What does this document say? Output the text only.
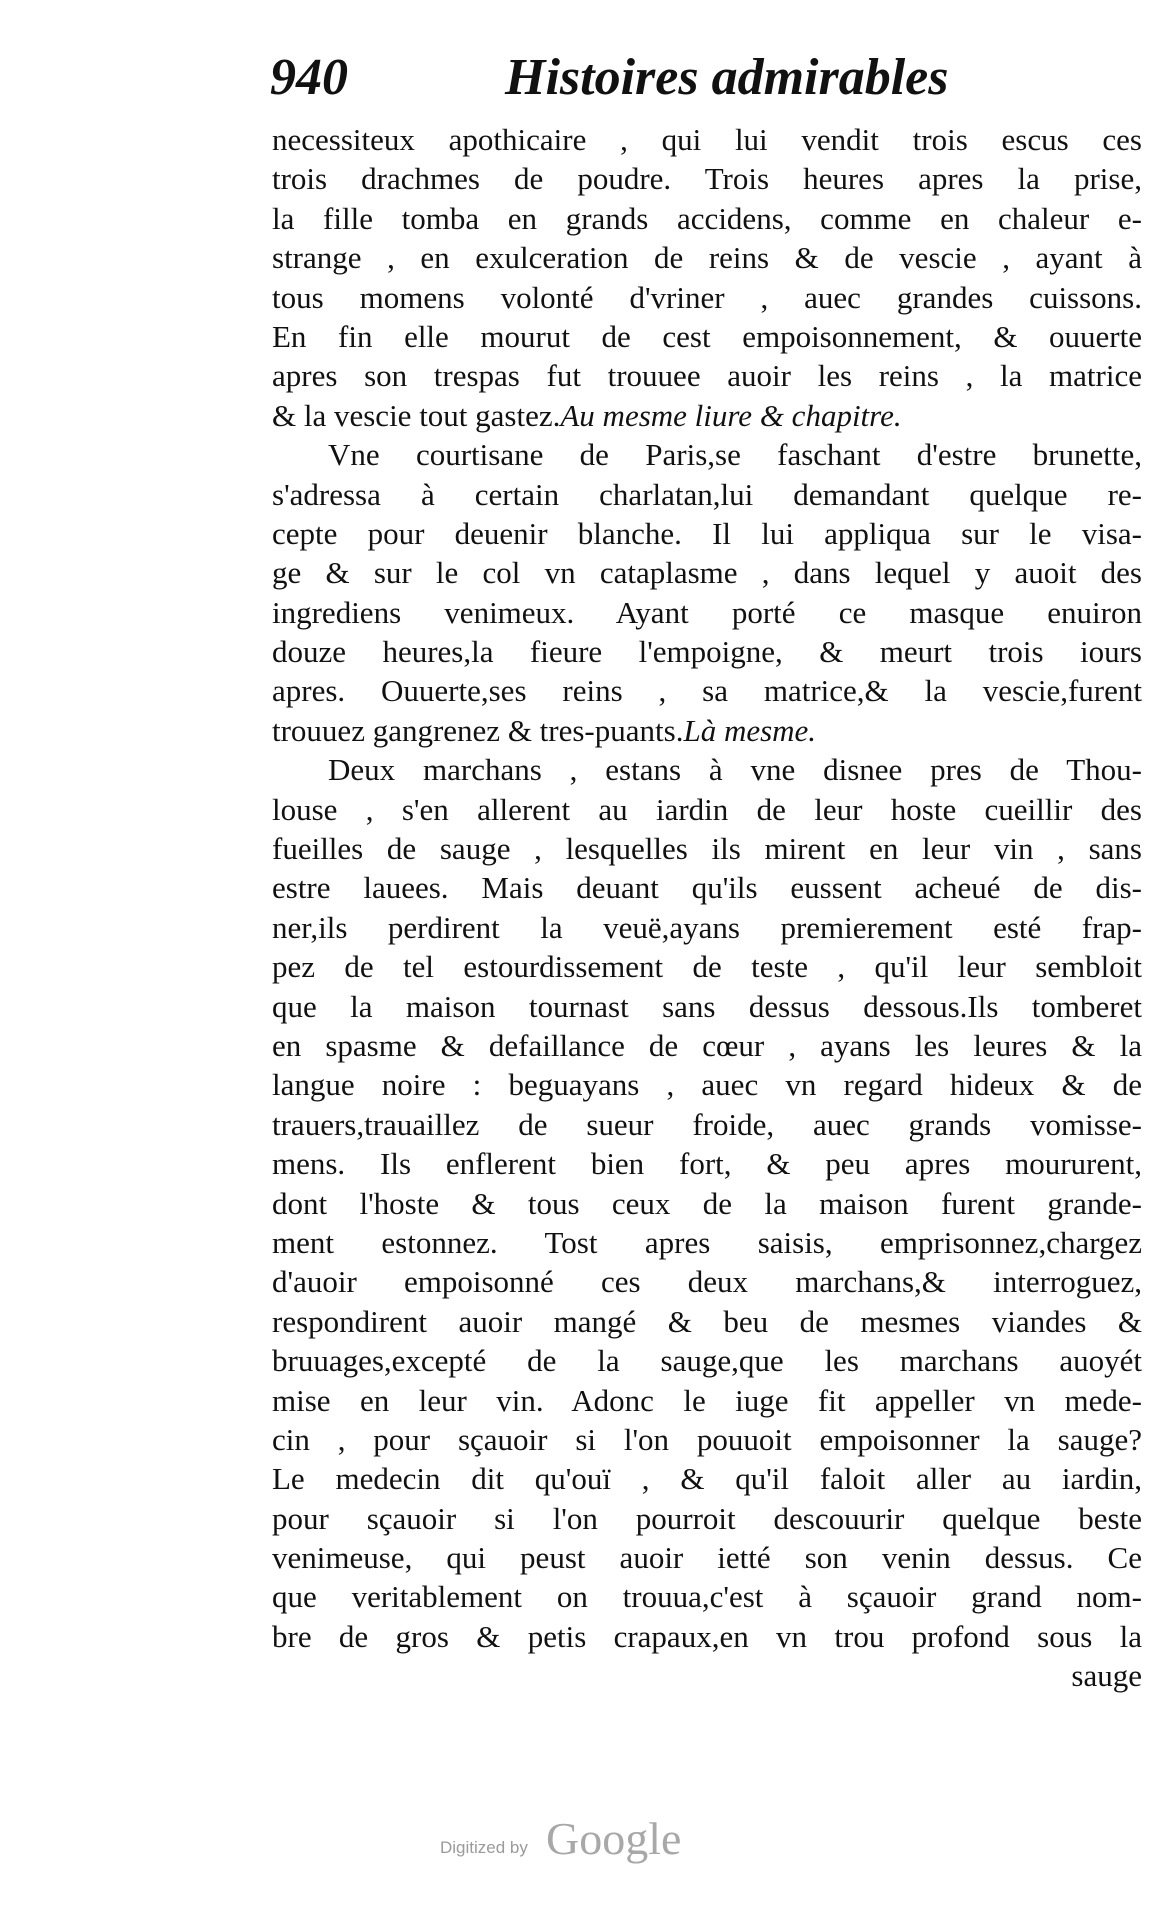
940	Histoires admirables
necessiteux apothicaire , qui lui vendit trois escus ces
trois drachmes de poudre. Trois heures apres la prise,
la fille tomba en grands accidens, comme en chaleur e-
strange , en exulceration de reins & de vescie , ayant à
tous momens volonté d'vriner , auec grandes cuissons.
En fin elle mourut de cest empoisonnement, & ouuerte
apres son trespas fut trouuee auoir les reins , la matrice
& la vescie tout gastez.Au mesme liure & chapitre.
Vne courtisane de Paris,se faschant d'estre brunette,
s'adressa à certain charlatan,lui demandant quelque re-
cepte pour deuenir blanche. Il lui appliqua sur le visa-
ge & sur le col vn cataplasme , dans lequel y auoit des
ingrediens venimeux. Ayant porté ce masque enuiron
douze heures,la fieure l'empoigne, & meurt trois iours
apres. Ouuerte,ses reins , sa matrice,& la vescie,furent
trouuez gangrenez & tres-puants.Là mesme.
Deux marchans , estans à vne disnee pres de Thou-
louse , s'en allerent au iardin de leur hoste cueillir des
fueilles de sauge , lesquelles ils mirent en leur vin , sans
estre lauees. Mais deuant qu'ils eussent acheué de dis-
ner,ils perdirent la veuë,ayans premierement esté frap-
pez de tel estourdissement de teste , qu'il leur sembloit
que la maison tournast sans dessus dessous.Ils tomberet
en spasme & defaillance de cœur , ayans les leures & la
langue noire : beguayans , auec vn regard hideux & de
trauers,trauaillez de sueur froide, auec grands vomisse-
mens. Ils enflerent bien fort, & peu apres moururent,
dont l'hoste & tous ceux de la maison furent grande-
ment estonnez. Tost apres saisis, emprisonnez,chargez
d'auoir empoisonné ces deux marchans,& interroguez,
respondirent auoir mangé & beu de mesmes viandes &
bruuages,excepté de la sauge,que les marchans auoyét
mise en leur vin. Adonc le iuge fit appeller vn mede-
cin , pour sçauoir si l'on pouuoit empoisonner la sauge?
Le medecin dit qu'ouï , & qu'il faloit aller au iardin,
pour sçauoir si l'on pourroit descouurir quelque beste
venimeuse, qui peust auoir ietté son venin dessus. Ce
que veritablement on trouua,c'est à sçauoir grand nom-
bre de gros & petis crapaux,en vn trou profond sous la
sauge
Digitized by Google
